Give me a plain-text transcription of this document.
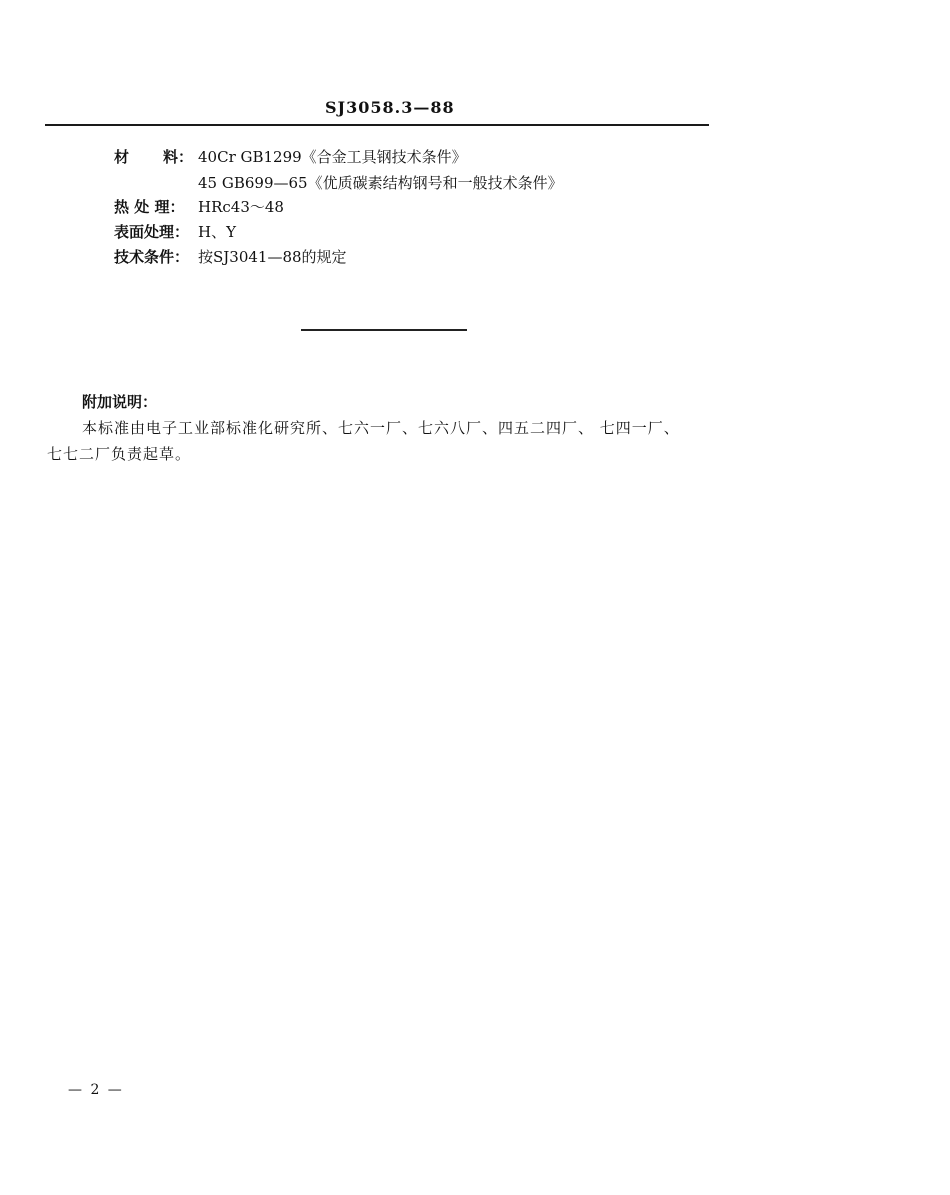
SJ3058.3—88
材 料： 40Cr GB1299《合金工具钢技术条件》
45 GB699—65《优质碳素结构钢号和一般技术条件》
热 处 理： HRc43～48
表面处理： H、Y
技术条件： 按SJ3041—88的规定
附加说明：
本标准由电子工业部标准化研究所、七六一厂、七六八厂、四五二四厂、 七四一厂、
七七二厂负责起草。
— 2 —
